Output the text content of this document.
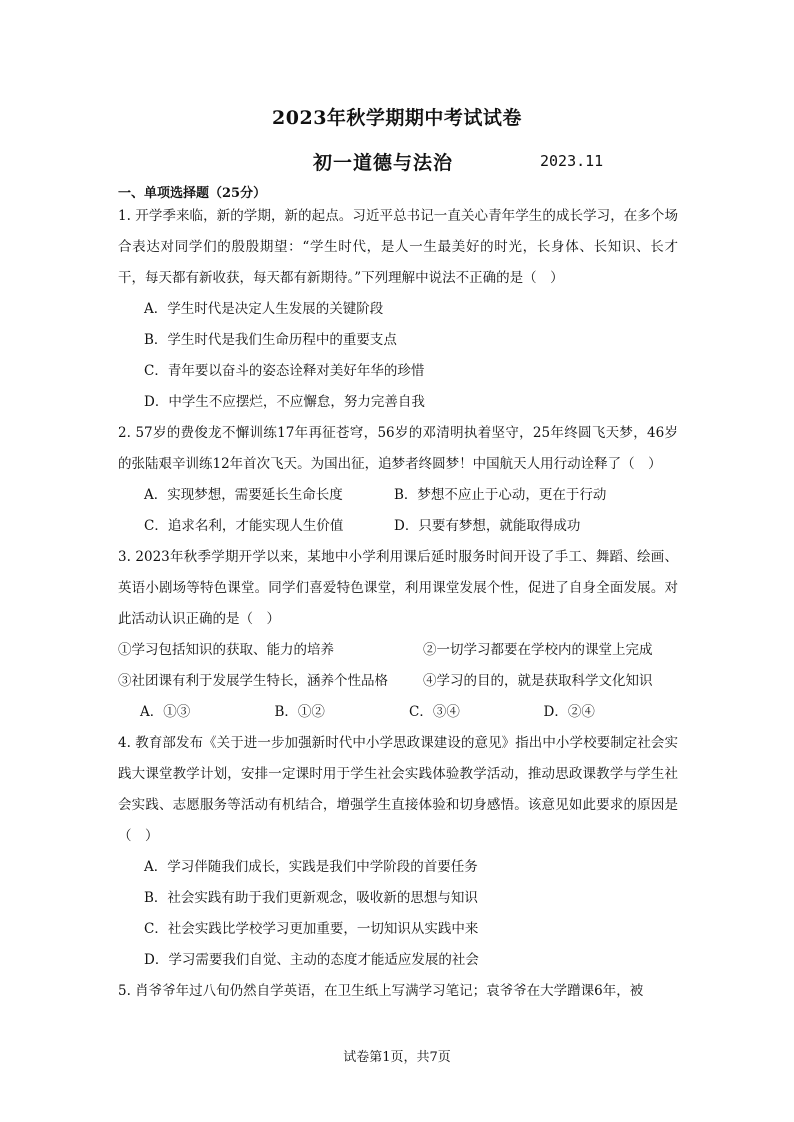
2023年秋学期期中考试试卷
初一道德与法治	2023.11
一、单项选择题（25分）

1. 开学季来临，新的学期，新的起点。习近平总书记一直关心青年学生的成长学习，在多个场合表达对同学们的殷殷期望：“学生时代，是人一生最美好的时光，长身体、长知识、长才干，每天都有新收获，每天都有新期待。”下列理解中说法不正确的是（　）

A．学生时代是决定人生发展的关键阶段

B．学生时代是我们生命历程中的重要支点

C．青年要以奋斗的姿态诠释对美好年华的珍惜

D．中学生不应摆烂，不应懈怠，努力完善自我

2. 57岁的费俊龙不懈训练17年再征苍穹，56岁的邓清明执着坚守，25年终圆飞天梦，46岁的张陆艰辛训练12年首次飞天。为国出征，追梦者终圆梦！中国航天人用行动诠释了（　）

A．实现梦想，需要延长生命长度	B．梦想不应止于心动，更在于行动
C．追求名利，才能实现人生价值	D．只要有梦想，就能取得成功

3. 2023年秋季学期开学以来，某地中小学利用课后延时服务时间开设了手工、舞蹈、绘画、英语小剧场等特色课堂。同学们喜爱特色课堂，利用课堂发展个性，促进了自身全面发展。对此活动认识正确的是（　）

①学习包括知识的获取、能力的培养	②一切学习都要在学校内的课堂上完成
③社团课有利于发展学生特长，涵养个性品格	④学习的目的，就是获取科学文化知识
A．①③	B．①②	C．③④	D．②④

4. 教育部发布《关于进一步加强新时代中小学思政课建设的意见》指出中小学校要制定社会实践大课堂教学计划，安排一定课时用于学生社会实践体验教学活动，推动思政课教学与学生社会实践、志愿服务等活动有机结合，增强学生直接体验和切身感悟。该意见如此要求的原因是（　）

A．学习伴随我们成长，实践是我们中学阶段的首要任务

B．社会实践有助于我们更新观念，吸收新的思想与知识

C．社会实践比学校学习更加重要，一切知识从实践中来

D．学习需要我们自觉、主动的态度才能适应发展的社会

5. 肖爷爷年过八旬仍然自学英语，在卫生纸上写满学习笔记；袁爷爷在大学蹭课6年，被

试卷第1页，共7页
